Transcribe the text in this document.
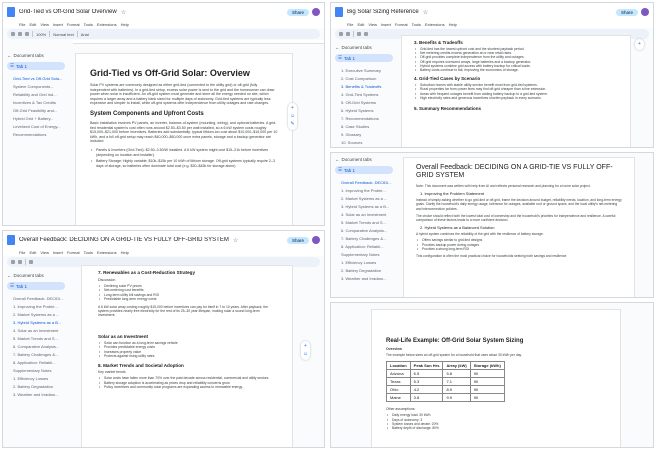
Grid-Tied vs Off-Grid Solar Overview ☆	Share
File Edit View Insert Format Tools Extensions Help
100% Normal text Arial
← Document tabs
☰ Tab 1
Grid-Tied vs Off-Grid Sola...
System Components...
Reliability and Grid Ind...
Incentives & Tax Credits
Off-Grid Feasibility and...
Hybrid Grid + Battery...
Levelized Cost of Energy...
Recommendations
Grid-Tied vs Off-Grid Solar: Overview
Solar PV systems are commonly designed as either grid-tied (connected to the utility grid) or off-grid (fully independent with batteries). In a grid-tied setup, excess solar power is sent to the grid and the homeowner can draw power when solar is insufficient. An off-grid system must generate and store all the energy needed on site, which requires a larger array and a battery bank sized for multiple days of autonomy. Grid-tied systems are typically less expensive and simpler to install, while off-grid systems offer independence from utility outages and rate changes.
System Components and Upfront Costs
Basic installation involves PV panels, an inverter, balance-of-system (mounting, wiring), and optional batteries. A grid-tied residential system's cost often runs around $2.50–$3.50 per watt installed, so a 6 kW system costs roughly $15,000–$21,000 before incentives. Batteries add substantially: typical lithium-ion cost about $10,000–$15,000 per 10 kWh, and a full off-grid setup may reach $40,000–$60,000 once extra panels, storage and a backup generator are included.
• Panels & Inverters (Grid-Tied): $2.50–3.50/W installed. A 6 kW system might cost $15–21k before incentives (depending on location and installer).
• Battery Storage: Highly variable; $10k–$15k per 10 kWh of lithium storage. Off-grid systems typically require 2–3 days of storage, so batteries often dominate total cost (e.g. $30–$45k for storage alone).
+
☺
✎
Big Solar Sizing Reference ☆	Share
File Edit View Insert Format Tools Extensions Help
← Document tabs
☰ Tab 1
1. Executive Summary
2. Cost Comparison
3. Benefits & Tradeoffs
4. Grid-Tied Systems
5. Off-Grid Systems
6. Hybrid Systems
7. Recommendations
8. Case Studies
9. Glossary
10. Sources
3. Benefits & Tradeoffs
• Grid-tied has the lowest upfront cost and the shortest payback period.
• Net metering credits excess generation at or near retail rates.
• Off-grid provides complete independence from the utility and outages.
• Off-grid requires oversized arrays, large batteries and a backup generator.
• Hybrid systems combine grid access with battery backup for critical loads.
• Battery costs continue to fall, improving the economics of storage.
4. Grid-Tied Cases by Scenario
• Suburban homes with stable utility service benefit most from grid-tied systems.
• Rural properties far from power lines may find off-grid cheaper than a line extension.
• Areas with frequent outages benefit from adding battery backup to a grid-tied system.
• High electricity rates and generous incentives shorten payback in every scenario.
5. Summary Recommendations
+
Overall Feedback: DECIDING ON A GRID-TIE VS FULLY OFF-GRID SYSTEM ☆	Share
File Edit View Insert Format Tools Extensions Help
← Document tabs
☰ Tab 1
Overall Feedback: DECIDI...
1. Improving the Proble...
2. Market Systems as a ...
3. Hybrid Systems as a B...
4. Solar as an Investment
5. Market Trends and S...
6. Comparative Analysis...
7. Battery Challenges &...
8. Application: Reliabil...
Supplementary Notes
1. Efficiency Losses
2. Battery Degradation
3. Weather and Irradian...
7. Renewables as a Cost-Reduction Strategy
Discussion
• Declining solar PV prices
• Net-metering cost benefits
• Long-term utility bill savings and ROI
• Predictable long-term energy costs
A 6 kW solar array costing roughly $15,000 before incentives can pay for itself in 7 to 10 years. After payback, the system provides nearly free electricity for the rest of its 25–30 year lifespan, making solar a sound long-term investment.
Solar as an Investment
• Solar can function as a long-term savings vehicle
• Provides predictable energy costs
• Increases property value
• Protects against rising utility rates
8. Market Trends and Societal Adoption
Key market trends
• Solar costs have fallen more than 70% over the past decade across residential, commercial and utility sectors.
• Battery storage adoption is accelerating as prices drop and reliability concerns grow.
• Policy incentives and community solar programs are expanding access to renewable energy.
+
☺
← Document tabs
☰ Tab 1
Overall Feedback: DECIDI...
1. Improving the Proble...
2. Market Systems as a ...
3. Hybrid Systems as a B...
4. Solar as an Investment
5. Market Trends and S...
6. Comparative Analysis...
7. Battery Challenges &...
8. Application: Reliabil...
Supplementary Notes
1. Efficiency Losses
2. Battery Degradation
3. Weather and Irradian...
Overall Feedback: DECIDING ON A GRID-TIE VS FULLY OFF-GRID SYSTEM
Note: This document was written with help from AI and reflects personal research and planning for a home solar project.
1. Improving the Problem Statement
Instead of simply asking whether to go grid-tied or off-grid, frame the decision around budget, reliability needs, location, and long-term energy goals. Clarify the household's daily energy usage, tolerance for outages, available roof or ground space, and the local utility's net-metering and interconnection policies.
The choice should reflect both the lowest total cost of ownership and the household's priorities for independence and resilience. A careful comparison of these factors leads to a more confident decision.
2. Hybrid Systems as a Balanced Solution
A hybrid system combines the reliability of the grid with the resilience of battery storage.
• Offers savings similar to grid-tied designs
• Provides backup power during outages
• Provides a strong long-term ROI
This configuration is often the most practical choice for households seeking both savings and resilience.
Real-Life Example: Off-Grid Solar System Sizing
Overview
The example below sizes an off-grid system for a household that uses about 30 kWh per day.
Location	Peak Sun Hrs	Array (kW)	Storage (kWh)
Arizona	6.5	5.8	90
Texas	5.3	7.1	90
Ohio	4.2	8.9	90
Maine	3.8	9.9	90
Other assumptions:
• Daily energy load: 30 kWh
• Days of autonomy: 3
• System losses and derate: 20%
• Battery depth of discharge: 80%
